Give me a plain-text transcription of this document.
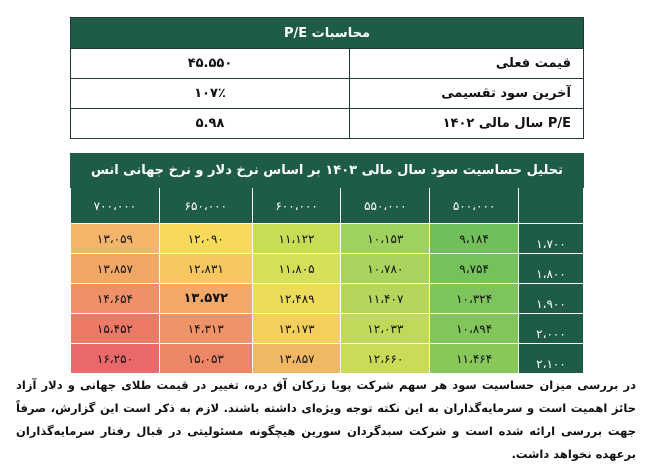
محاسبات P/E	
قیمت فعلی	۴۵.۵۵۰
آخرین سود تقسیمی	۱۰۷٪
P/E سال مالی ۱۴۰۲	۵.۹۸
تحلیل حساسیت سود سال مالی ۱۴۰۳ بر اساس نرخ دلار و نرخ جهانی انس					
	۵۰۰،۰۰۰	۵۵۰،۰۰۰	۶۰۰،۰۰۰	۶۵۰،۰۰۰	۷۰۰،۰۰۰
۱،۷۰۰	۹،۱۸۴	۱۰،۱۵۳	۱۱،۱۲۲	۱۲،۰۹۰	۱۳،۰۵۹
۱،۸۰۰	۹،۷۵۴	۱۰،۷۸۰	۱۱،۸۰۵	۱۲،۸۳۱	۱۳،۸۵۷
۱،۹۰۰	۱۰،۳۲۴	۱۱،۴۰۷	۱۲،۴۸۹	۱۳.۵۷۲	۱۴،۶۵۴
۲،۰۰۰	۱۰،۸۹۴	۱۲،۰۳۳	۱۳،۱۷۳	۱۴،۳۱۳	۱۵،۴۵۲
۲،۱۰۰	۱۱،۴۶۴	۱۲،۶۶۰	۱۳،۸۵۷	۱۵،۰۵۳	۱۶،۲۵۰
در بررسی میزان حساسیت سود هر سهم شرکت پویا زرکان آق دره، تغییر در قیمت طلای جهانی و دلار آزاد حائز اهمیت است و سرمایه‌گذاران به این نکته توجه ویژه‌ای داشته باشند. لازم به ذکر است این گزارش، صرفاً جهت بررسی ارائه شده است و شرکت سبدگردان سورین هیچگونه مسئولیتی در قبال رفتار سرمایه‌گذاران برعهده نخواهد داشت.
